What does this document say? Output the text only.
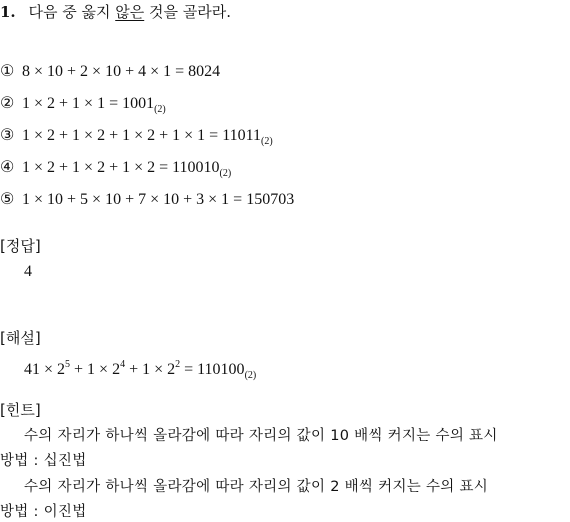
1. 다음 중 옳지 않은 것을 골라라.
① 8 × 10 + 2 × 10 + 4 × 1 = 8024
② $1 \times 2 + 1 \times 1 = 1001_{(2)}$
③ $1 \times 2 + 1 \times 2 + 1 \times 2 + 1 \times 1 = 11011_{(2)}$
④ $1 \times 2 + 1 \times 2 + 1 \times 2 = 110010_{(2)}$
⑤ 1 × 10 + 5 × 10 + 7 × 10 + 3 × 1 = 150703
[정답]
4
[해설]
$41 \times 2^5 + 1 \times 2^4 + 1 \times 2^2 = 110100_{(2)}$
[힌트]
수의 자리가 하나씩 올라감에 따라 자리의 값이 10 배씩 커지는 수의 표시
방법 : 십진법
수의 자리가 하나씩 올라감에 따라 자리의 값이 2 배씩 커지는 수의 표시
방법 : 이진법
